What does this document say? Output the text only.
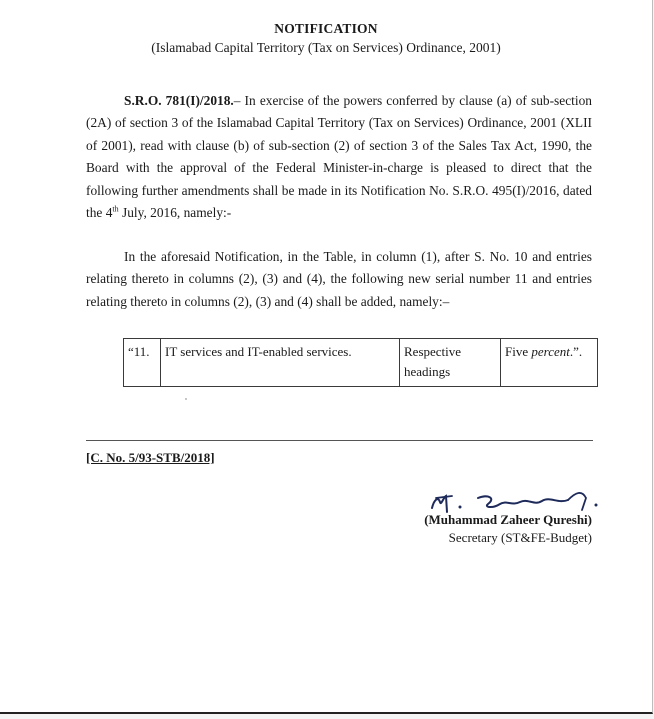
NOTIFICATION
(Islamabad Capital Territory (Tax on Services) Ordinance, 2001)
S.R.O. 781(I)/2018.– In exercise of the powers conferred by clause (a) of sub-section (2A) of section 3 of the Islamabad Capital Territory (Tax on Services) Ordinance, 2001 (XLII of 2001), read with clause (b) of sub-section (2) of section 3 of the Sales Tax Act, 1990, the Board with the approval of the Federal Minister-in-charge is pleased to direct that the following further amendments shall be made in its Notification No. S.R.O. 495(I)/2016, dated the 4th July, 2016, namely:-
In the aforesaid Notification, in the Table, in column (1), after S. No. 10 and entries relating thereto in columns (2), (3) and (4), the following new serial number 11 and entries relating thereto in columns (2), (3) and (4) shall be added, namely:–
“11.	IT services and IT-enabled services.	Respective headings	Five percent.”.
[C. No. 5/93-STB/2018]
(Muhammad Zaheer Qureshi)
Secretary (ST&FE-Budget)
